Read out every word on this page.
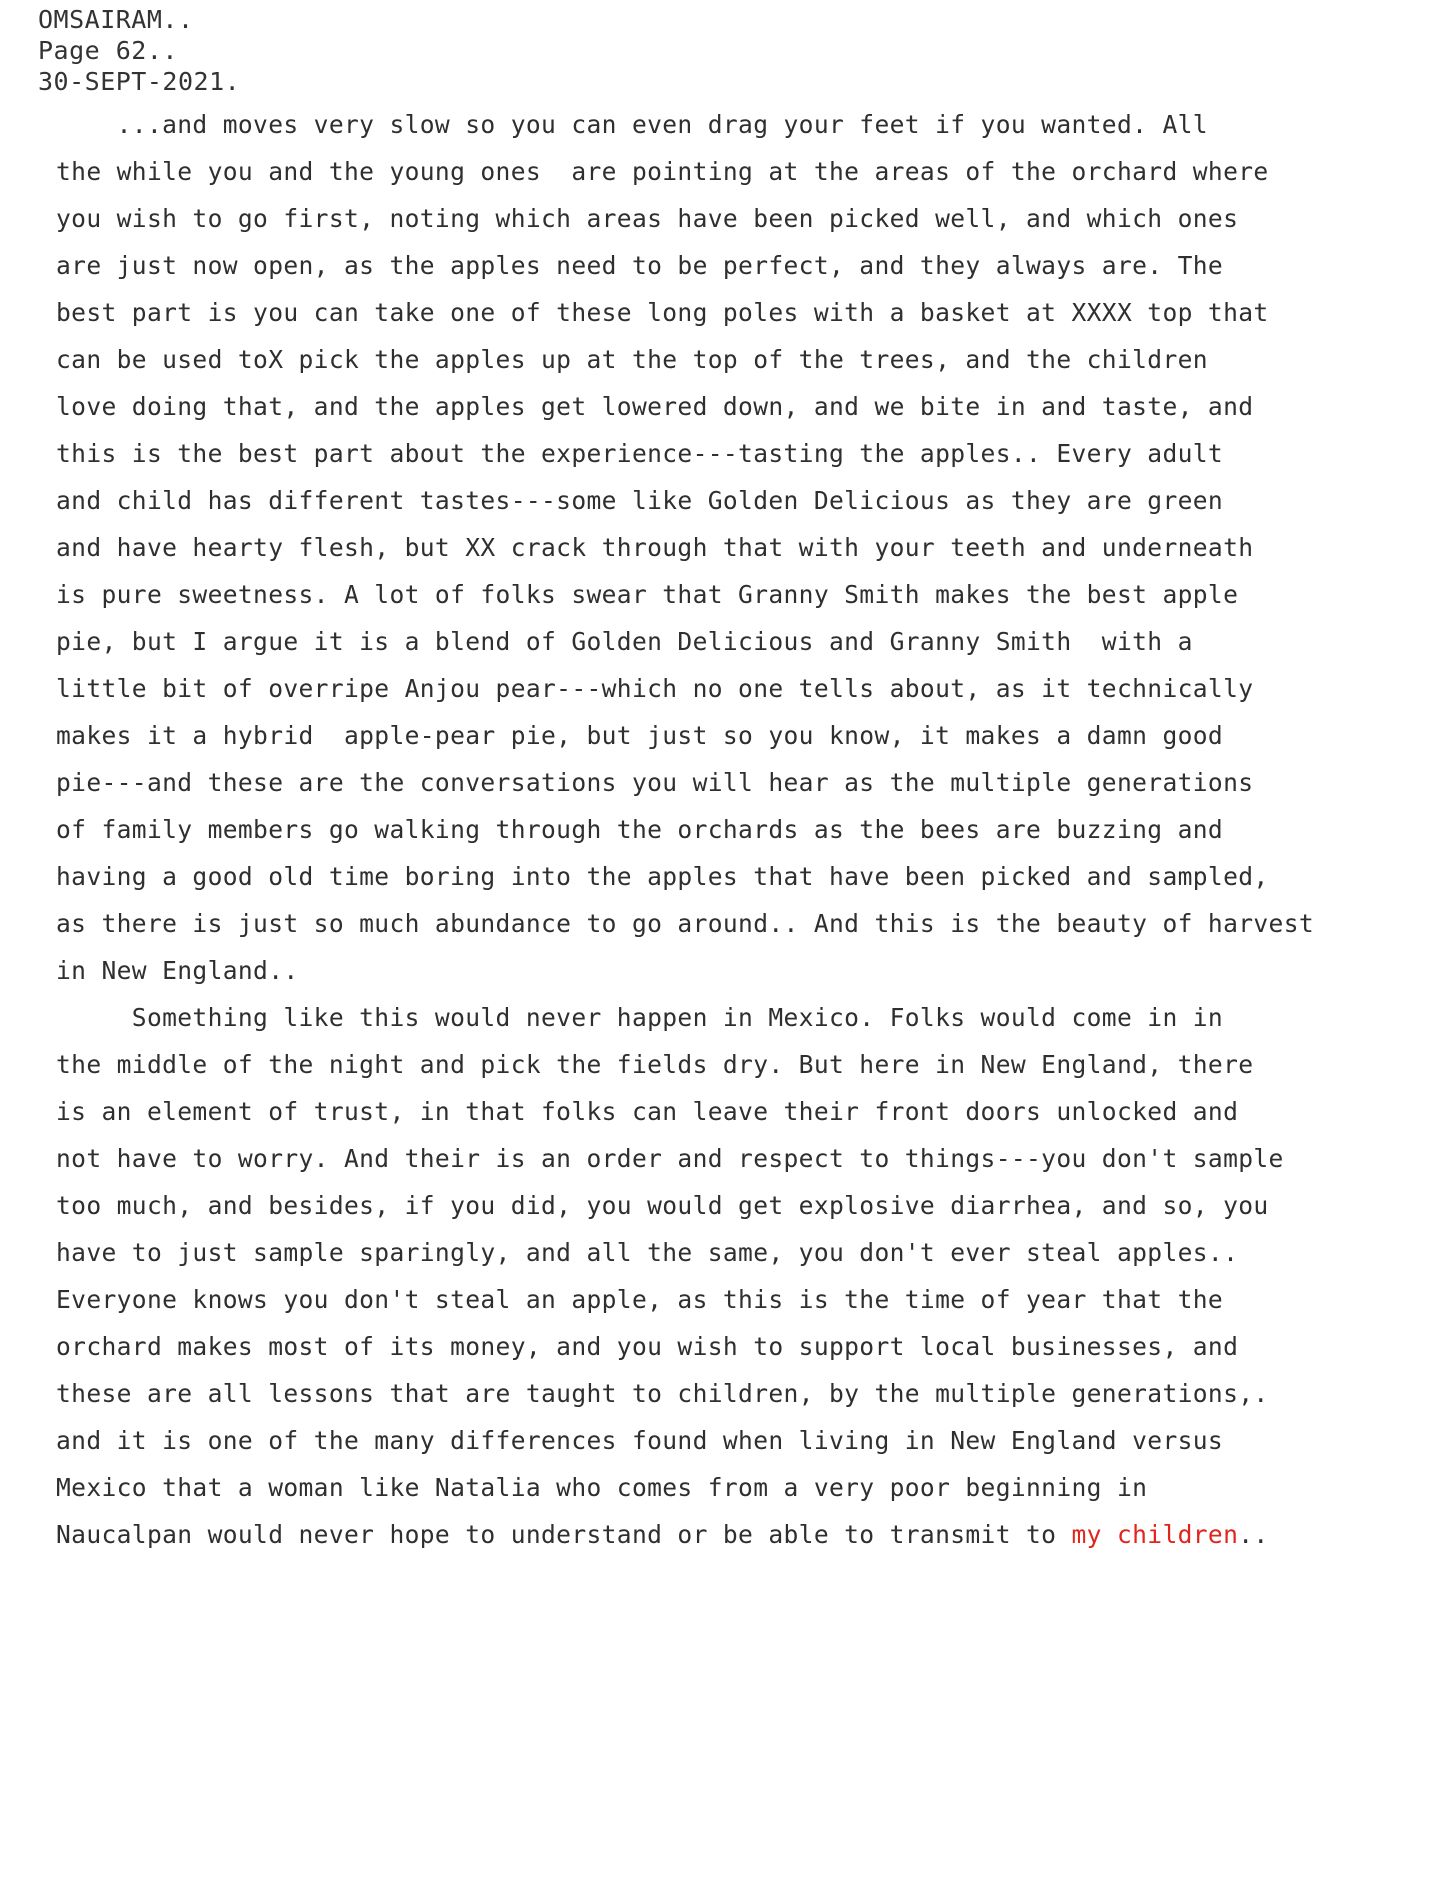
OMSAIRAM..
Page 62..
30-SEPT-2021.
...and moves very slow so you can even drag your feet if you wanted. All
the while you and the young ones  are pointing at the areas of the orchard where
you wish to go first, noting which areas have been picked well, and which ones
are just now open, as the apples need to be perfect, and they always are. The
best part is you can take one of these long poles with a basket at XXXX top that
can be used toX pick the apples up at the top of the trees, and the children
love doing that, and the apples get lowered down, and we bite in and taste, and
this is the best part about the experience---tasting the apples.. Every adult
and child has different tastes---some like Golden Delicious as they are green
and have hearty flesh, but XX crack through that with your teeth and underneath
is pure sweetness. A lot of folks swear that Granny Smith makes the best apple
pie, but I argue it is a blend of Golden Delicious and Granny Smith  with a
little bit of overripe Anjou pear---which no one tells about, as it technically
makes it a hybrid  apple-pear pie, but just so you know, it makes a damn good
pie---and these are the conversations you will hear as the multiple generations
of family members go walking through the orchards as the bees are buzzing and
having a good old time boring into the apples that have been picked and sampled,
as there is just so much abundance to go around.. And this is the beauty of harvest
in New England..
Something like this would never happen in Mexico. Folks would come in in
the middle of the night and pick the fields dry. But here in New England, there
is an element of trust, in that folks can leave their front doors unlocked and
not have to worry. And their is an order and respect to things---you don't sample
too much, and besides, if you did, you would get explosive diarrhea, and so, you
have to just sample sparingly, and all the same, you don't ever steal apples..
Everyone knows you don't steal an apple, as this is the time of year that the
orchard makes most of its money, and you wish to support local businesses, and
these are all lessons that are taught to children, by the multiple generations,.
and it is one of the many differences found when living in New England versus
Mexico that a woman like Natalia who comes from a very poor beginning in
Naucalpan would never hope to understand or be able to transmit to my children..
